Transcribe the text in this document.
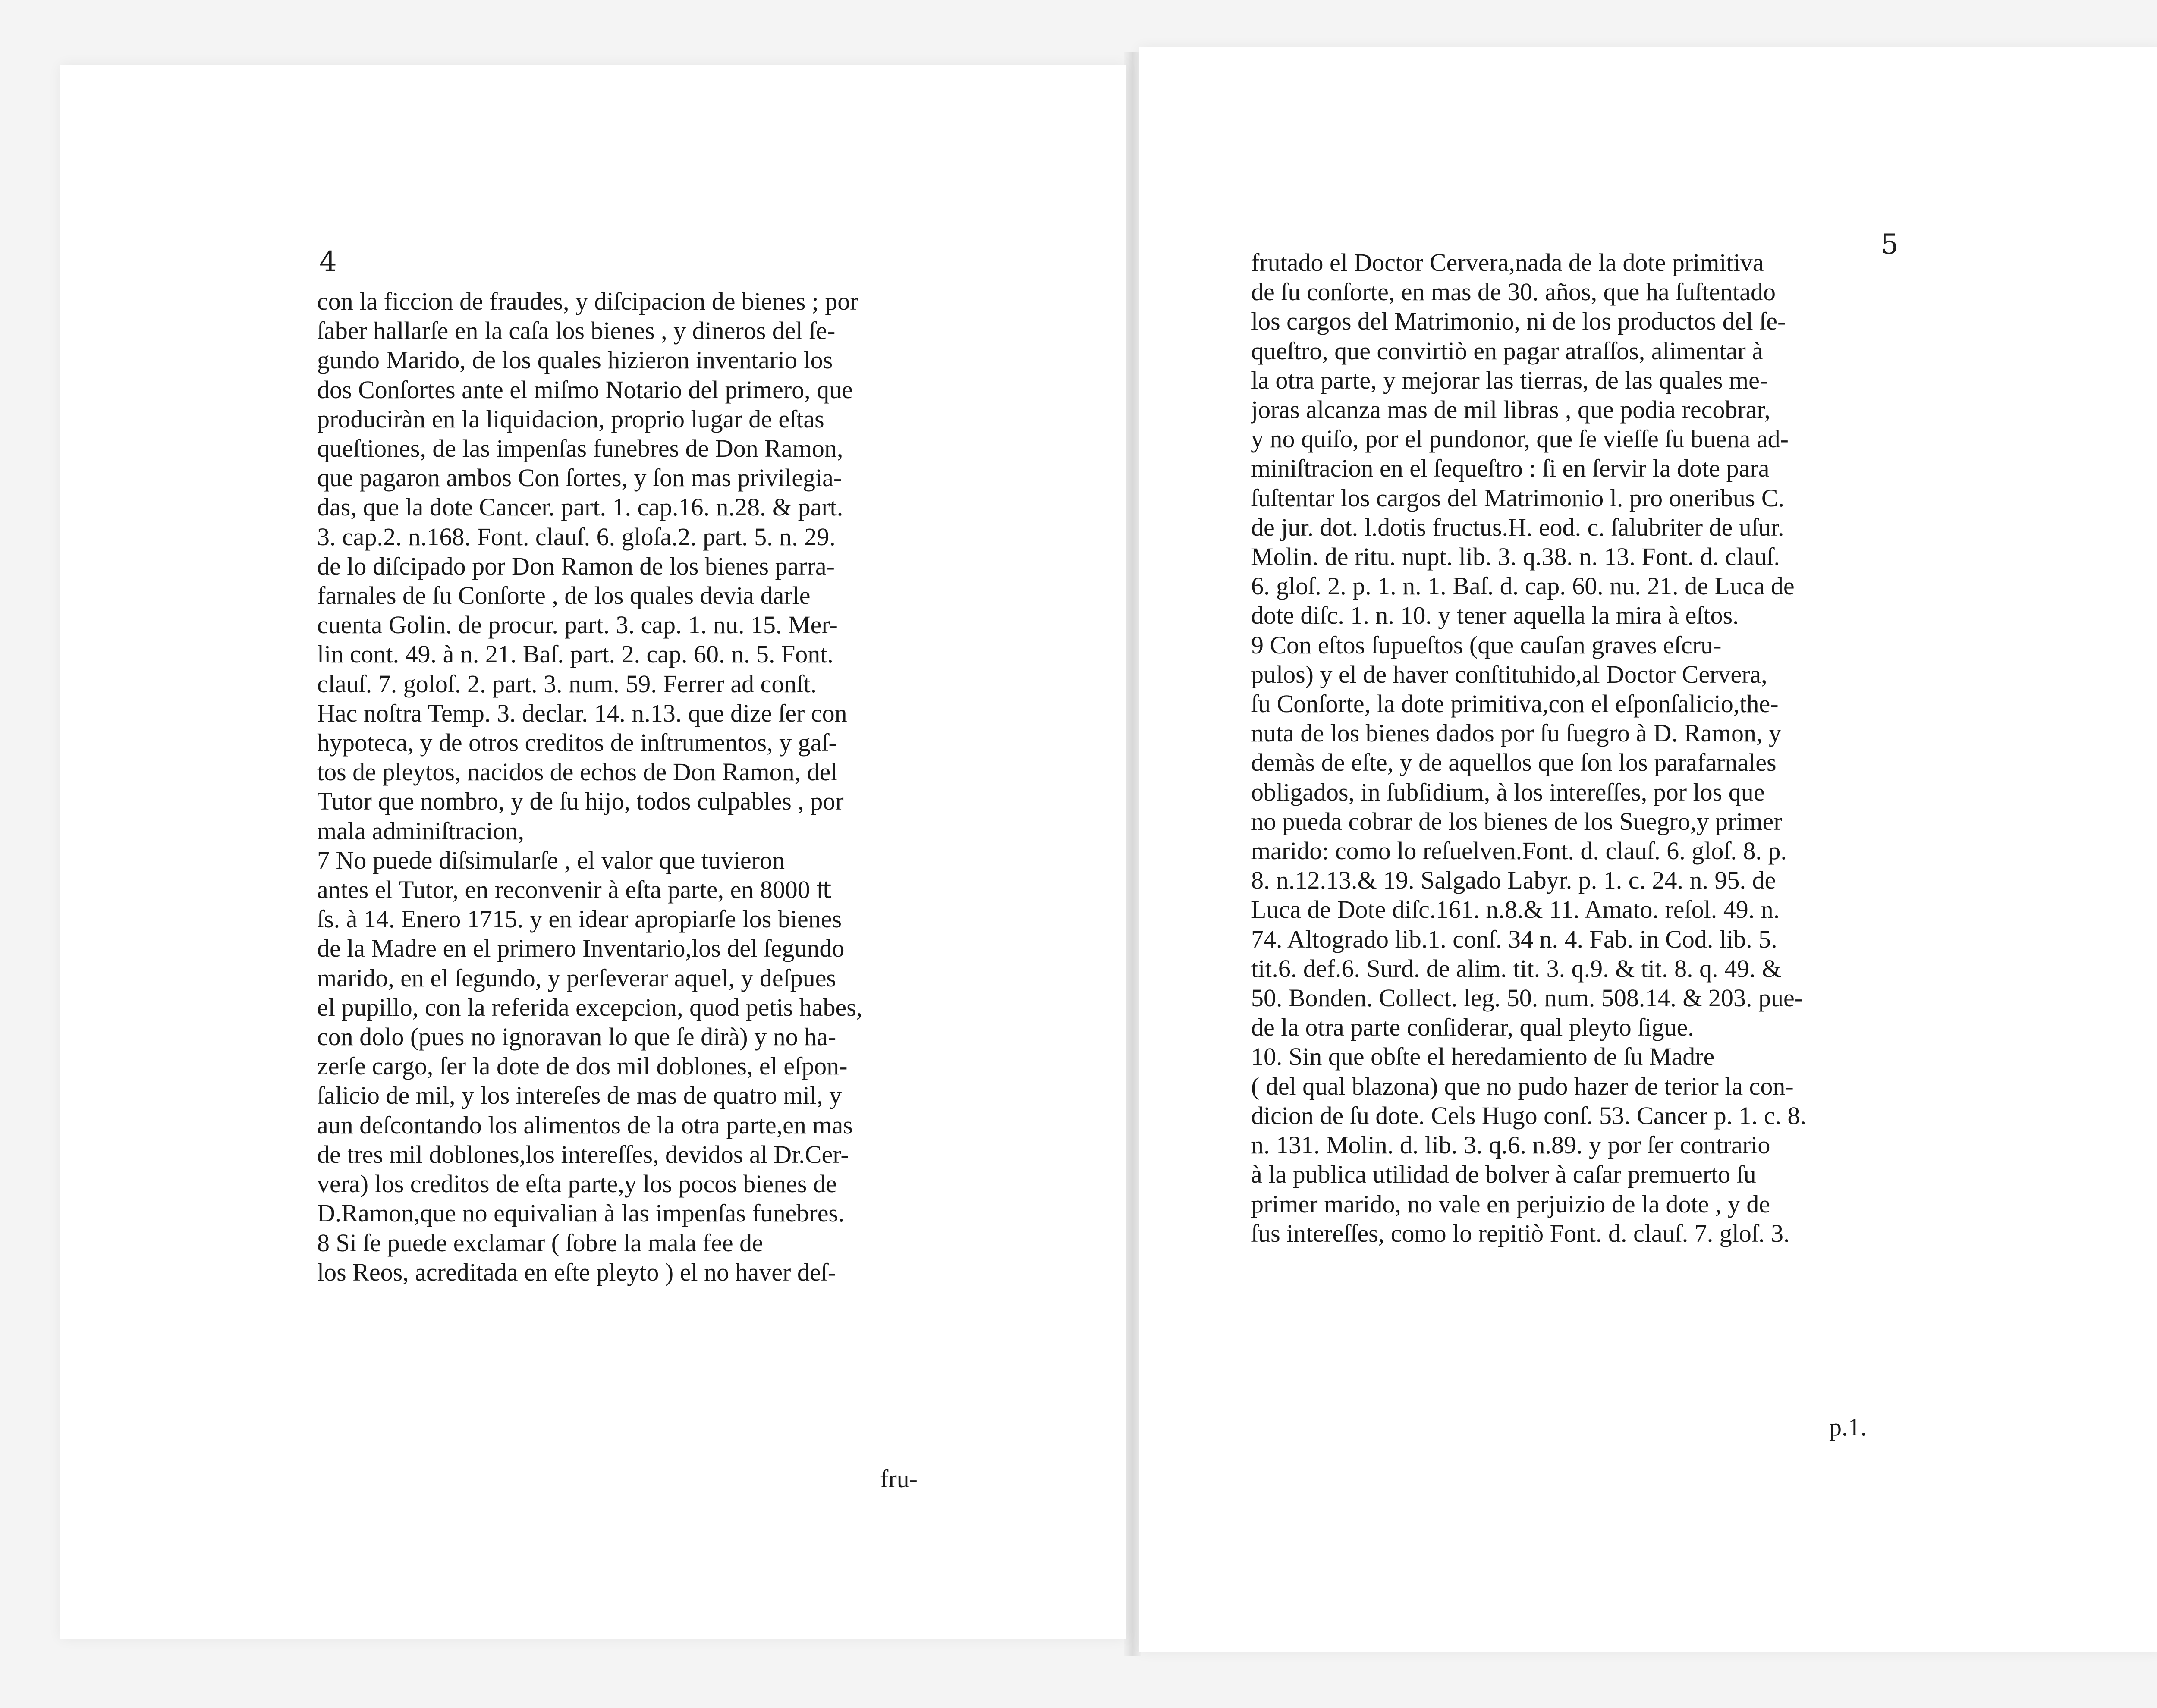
4
con la ficcion de fraudes, y diſcipacion de bienes ; por
ſaber hallarſe en la caſa los bienes , y dineros del ſe-
gundo Marido, de los quales hizieron inventario los
dos Conſortes ante el miſmo Notario del primero, que
produciràn en la liquidacion, proprio lugar de eſtas
queſtiones, de las impenſas funebres de Don Ramon,
que pagaron ambos Con ſortes, y ſon mas privilegia-
das, que la dote Cancer. part. 1. cap.16. n.28. & part.
3. cap.2. n.168. Font. clauſ. 6. gloſa.2. part. 5. n. 29.
de lo diſcipado por Don Ramon de los bienes parra-
farnales de ſu Conſorte , de los quales devia darle
cuenta Golin. de procur. part. 3. cap. 1. nu. 15. Mer-
lin cont. 49. à n. 21. Baſ. part. 2. cap. 60. n. 5. Font.
clauſ. 7. goloſ. 2. part. 3. num. 59. Ferrer ad conſt.
Hac noſtra Temp. 3. declar. 14. n.13. que dize ſer con
hypoteca, y de otros creditos de inſtrumentos, y gaſ-
tos de pleytos, nacidos de echos de Don Ramon, del
Tutor que nombro, y de ſu hijo, todos culpables , por
mala adminiſtracion,
7 No puede diſsimularſe , el valor que tuvieron
antes el Tutor, en reconvenir à eſta parte, en 8000 ₶
ſs. à 14. Enero 1715. y en idear apropiarſe los bienes
de la Madre en el primero Inventario,los del ſegundo
marido, en el ſegundo, y perſeverar aquel, y deſpues
el pupillo, con la referida excepcion, quod petis habes,
con dolo (pues no ignoravan lo que ſe dirà) y no ha-
zerſe cargo, ſer la dote de dos mil doblones, el eſpon-
ſalicio de mil, y los intereſes de mas de quatro mil, y
aun deſcontando los alimentos de la otra parte,en mas
de tres mil doblones,los intereſſes, devidos al Dr.Cer-
vera) los creditos de eſta parte,y los pocos bienes de
D.Ramon,que no equivalian à las impenſas funebres.
8 Si ſe puede exclamar ( ſobre la mala fee de
los Reos, acreditada en eſte pleyto ) el no haver deſ-
fru-
5
frutado el Doctor Cervera,nada de la dote primitiva
de ſu conſorte, en mas de 30. años, que ha ſuſtentado
los cargos del Matrimonio, ni de los productos del ſe-
queſtro, que convirtiò en pagar atraſſos, alimentar à
la otra parte, y mejorar las tierras, de las quales me-
joras alcanza mas de mil libras , que podia recobrar,
y no quiſo, por el pundonor, que ſe vieſſe ſu buena ad-
miniſtracion en el ſequeſtro : ſi en ſervir la dote para
ſuſtentar los cargos del Matrimonio l. pro oneribus C.
de jur. dot. l.dotis fructus.H. eod. c. ſalubriter de uſur.
Molin. de ritu. nupt. lib. 3. q.38. n. 13. Font. d. clauſ.
6. gloſ. 2. p. 1. n. 1. Baſ. d. cap. 60. nu. 21. de Luca de
dote diſc. 1. n. 10. y tener aquella la mira à eſtos.
9 Con eſtos ſupueſtos (que cauſan graves eſcru-
pulos) y el de haver conſtituhido,al Doctor Cervera,
ſu Conſorte, la dote primitiva,con el eſponſalicio,the-
nuta de los bienes dados por ſu ſuegro à D. Ramon, y
demàs de eſte, y de aquellos que ſon los parafarnales
obligados, in ſubſidium, à los intereſſes, por los que
no pueda cobrar de los bienes de los Suegro,y primer
marido: como lo reſuelven.Font. d. clauſ. 6. gloſ. 8. p.
8. n.12.13.& 19. Salgado Labyr. p. 1. c. 24. n. 95. de
Luca de Dote diſc.161. n.8.& 11. Amato. reſol. 49. n.
74. Altogrado lib.1. conſ. 34 n. 4. Fab. in Cod. lib. 5.
tit.6. def.6. Surd. de alim. tit. 3. q.9. & tit. 8. q. 49. &
50. Bonden. Collect. leg. 50. num. 508.14. & 203. pue-
de la otra parte conſiderar, qual pleyto ſigue.
10. Sin que obſte el heredamiento de ſu Madre
( del qual blazona) que no pudo hazer de terior la con-
dicion de ſu dote. Cels Hugo conſ. 53. Cancer p. 1. c. 8.
n. 131. Molin. d. lib. 3. q.6. n.89. y por ſer contrario
à la publica utilidad de bolver à caſar premuerto ſu
primer marido, no vale en perjuizio de la dote , y de
ſus intereſſes, como lo repitiò Font. d. clauſ. 7. gloſ. 3.
p.1.
